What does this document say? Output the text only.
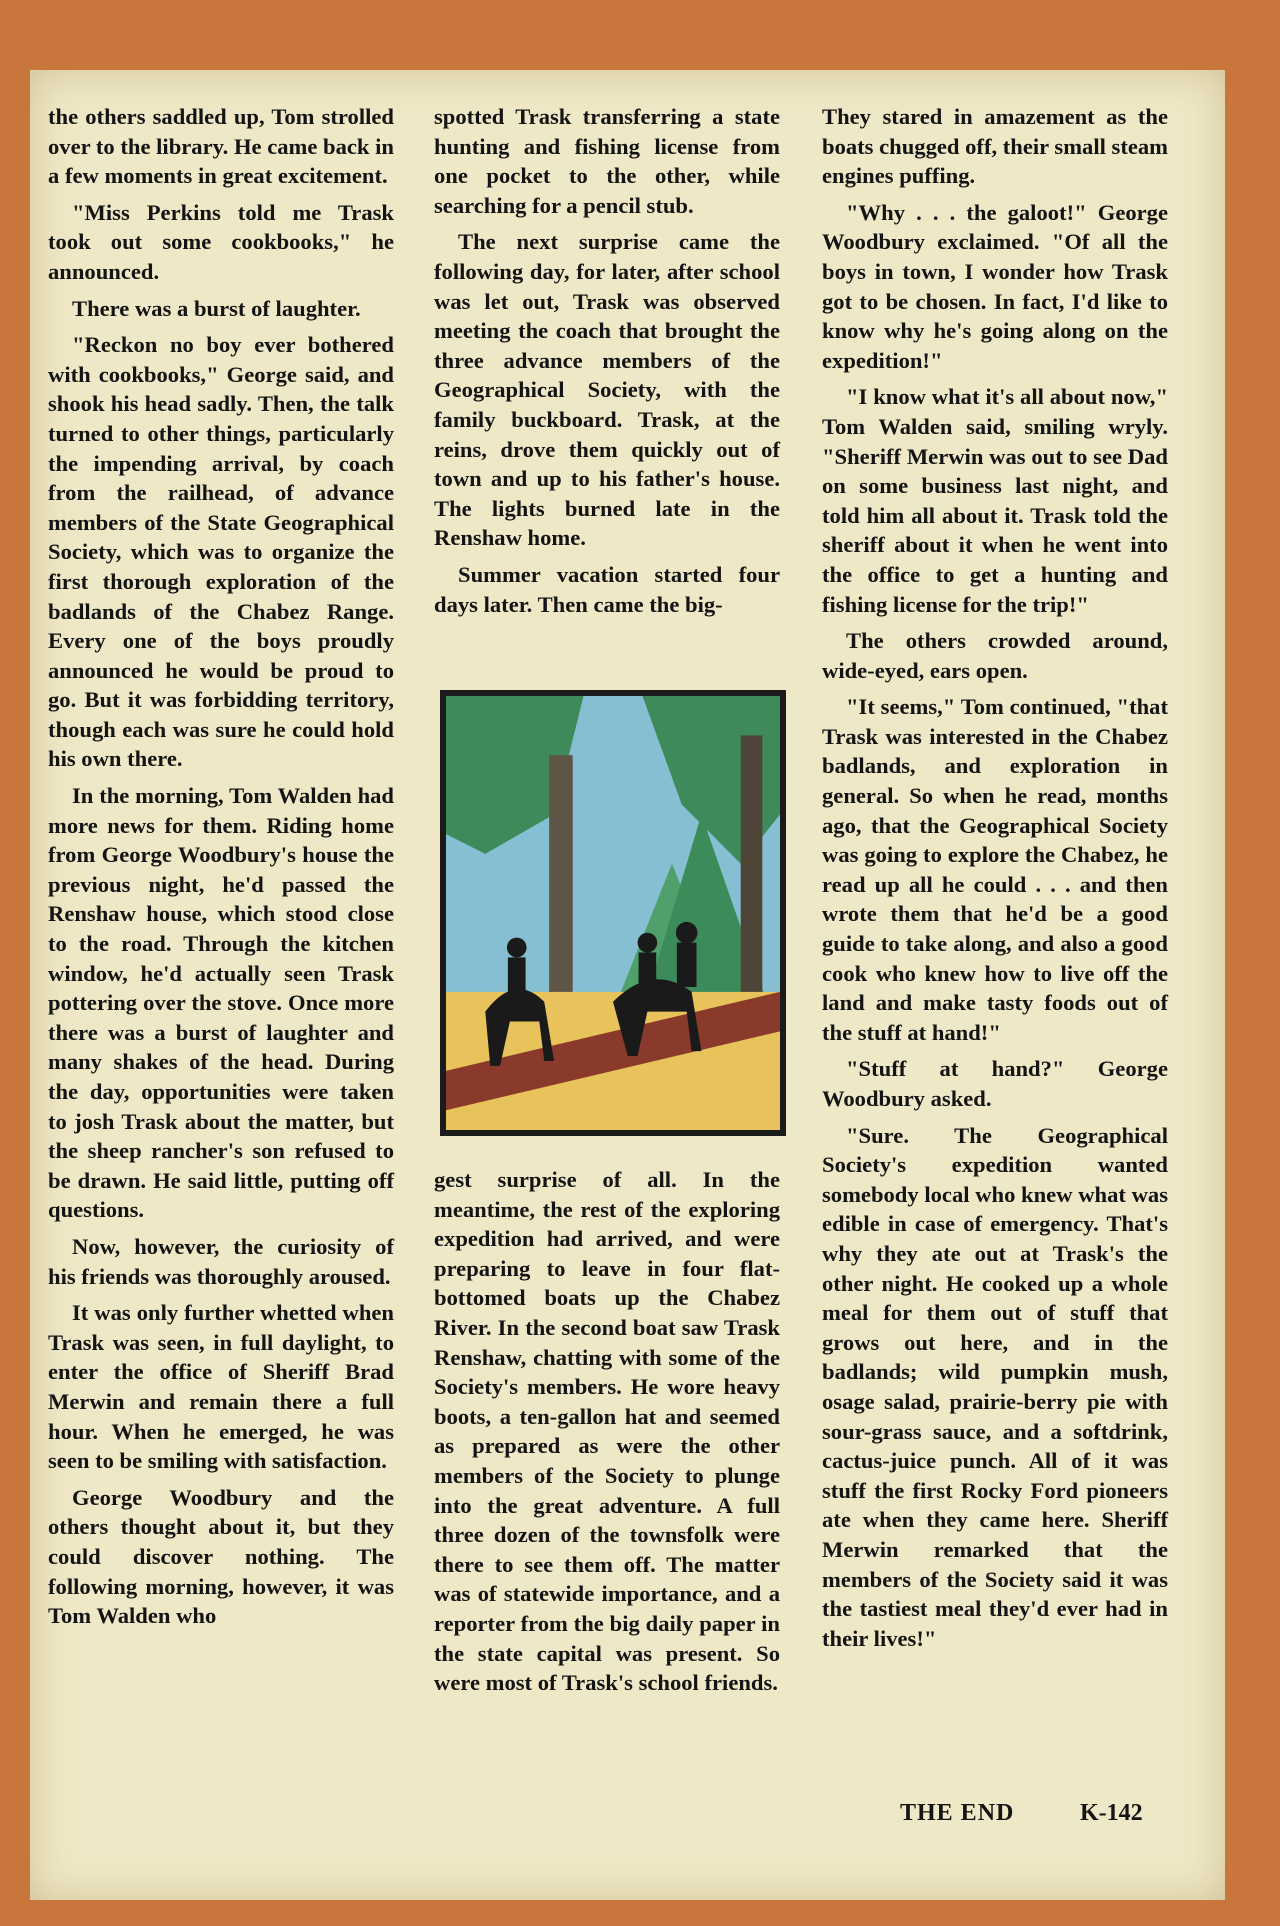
the others saddled up, Tom strolled over to the library. He came back in a few moments in great excitement.

"Miss Perkins told me Trask took out some cookbooks," he announced.

There was a burst of laughter.

"Reckon no boy ever bothered with cookbooks," George said, and shook his head sadly. Then, the talk turned to other things, particularly the impending arrival, by coach from the railhead, of advance members of the State Geographical Society, which was to organize the first thorough exploration of the badlands of the Chabez Range. Every one of the boys proudly announced he would be proud to go. But it was forbidding territory, though each was sure he could hold his own there.

In the morning, Tom Walden had more news for them. Riding home from George Woodbury's house the previous night, he'd passed the Renshaw house, which stood close to the road. Through the kitchen window, he'd actually seen Trask pottering over the stove. Once more there was a burst of laughter and many shakes of the head. During the day, opportunities were taken to josh Trask about the matter, but the sheep rancher's son refused to be drawn. He said little, putting off questions.

Now, however, the curiosity of his friends was thoroughly aroused.

It was only further whetted when Trask was seen, in full daylight, to enter the office of Sheriff Brad Merwin and remain there a full hour. When he emerged, he was seen to be smiling with satisfaction.

George Woodbury and the others thought about it, but they could discover nothing. The following morning, however, it was Tom Walden who

spotted Trask transferring a state hunting and fishing license from one pocket to the other, while searching for a pencil stub.

The next surprise came the following day, for later, after school was let out, Trask was observed meeting the coach that brought the three advance members of the Geographical Society, with the family buckboard. Trask, at the reins, drove them quickly out of town and up to his father's house. The lights burned late in the Renshaw home.

Summer vacation started four days later. Then came the big-

gest surprise of all. In the meantime, the rest of the exploring expedition had arrived, and were preparing to leave in four flat-bottomed boats up the Chabez River. In the second boat saw Trask Renshaw, chatting with some of the Society's members. He wore heavy boots, a ten-gallon hat and seemed as prepared as were the other members of the Society to plunge into the great adventure. A full three dozen of the townsfolk were there to see them off. The matter was of statewide importance, and a reporter from the big daily paper in the state capital was present. So were most of Trask's school friends.

They stared in amazement as the boats chugged off, their small steam engines puffing.

"Why . . . the galoot!" George Woodbury exclaimed. "Of all the boys in town, I wonder how Trask got to be chosen. In fact, I'd like to know why he's going along on the expedition!"

"I know what it's all about now," Tom Walden said, smiling wryly. "Sheriff Merwin was out to see Dad on some business last night, and told him all about it. Trask told the sheriff about it when he went into the office to get a hunting and fishing license for the trip!"

The others crowded around, wide-eyed, ears open.

"It seems," Tom continued, "that Trask was interested in the Chabez badlands, and exploration in general. So when he read, months ago, that the Geographical Society was going to explore the Chabez, he read up all he could . . . and then wrote them that he'd be a good guide to take along, and also a good cook who knew how to live off the land and make tasty foods out of the stuff at hand!"

"Stuff at hand?" George Woodbury asked.

"Sure. The Geographical Society's expedition wanted somebody local who knew what was edible in case of emergency. That's why they ate out at Trask's the other night. He cooked up a whole meal for them out of stuff that grows out here, and in the badlands; wild pumpkin mush, osage salad, prairie-berry pie with sour-grass sauce, and a softdrink, cactus-juice punch. All of it was stuff the first Rocky Ford pioneers ate when they came here. Sheriff Merwin remarked that the members of the Society said it was the tastiest meal they'd ever had in their lives!"

THE END	K-142
